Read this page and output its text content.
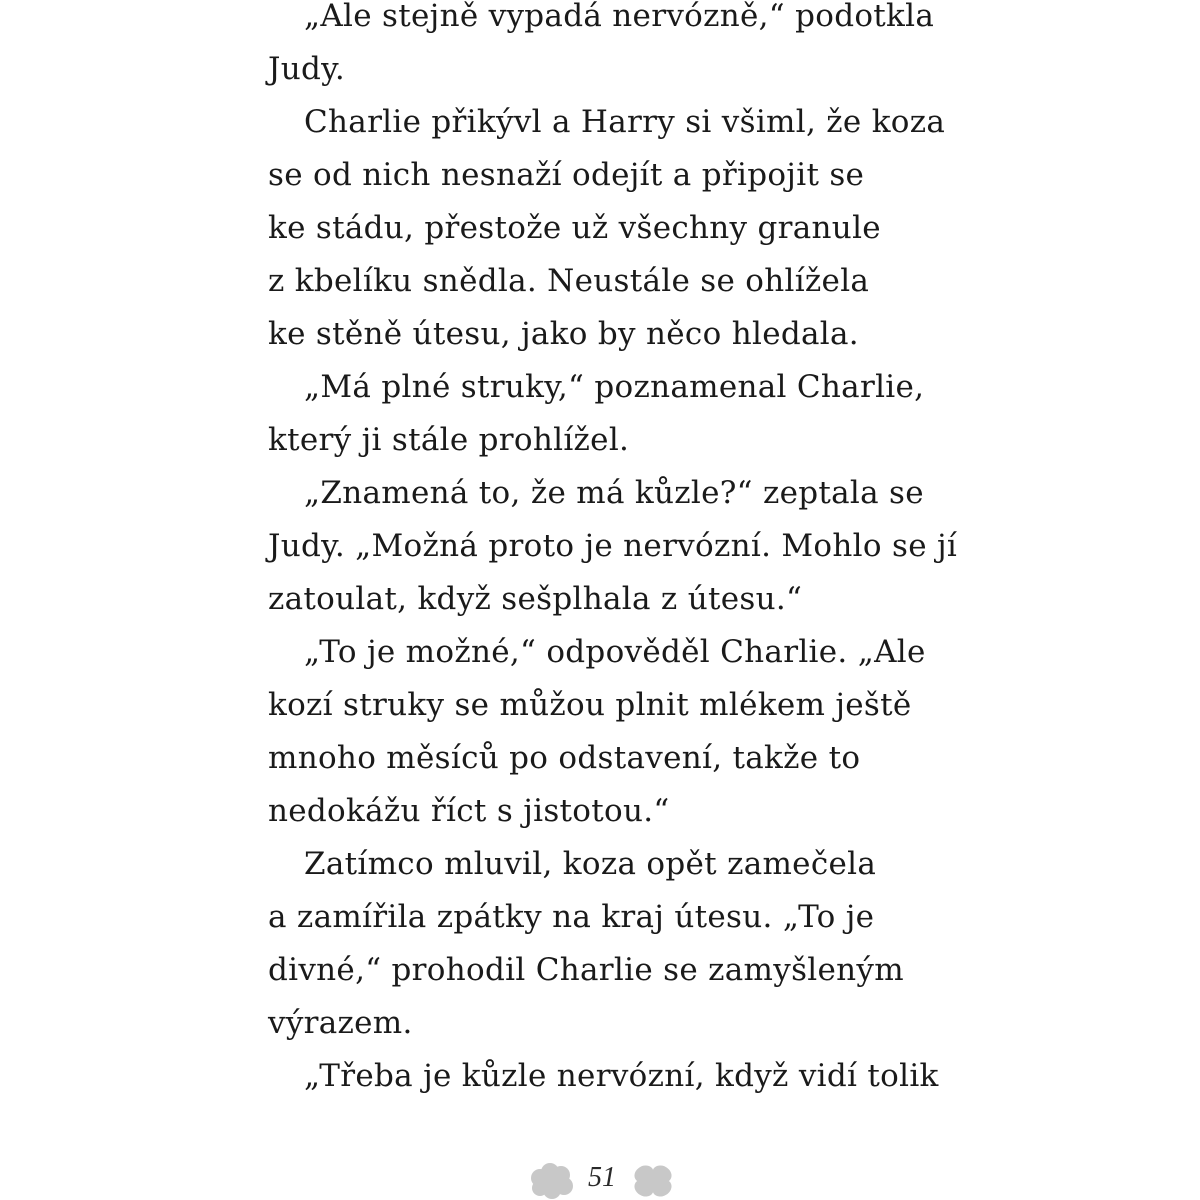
„Ale stejně vypadá nervózně,“ podotkla
Judy.
Charlie přikývl a Harry si všiml, že koza
se od nich nesnaží odejít a připojit se
ke stádu, přestože už všechny granule
z kbelíku snědla. Neustále se ohlížela
ke stěně útesu, jako by něco hledala.
„Má plné struky,“ poznamenal Charlie,
který ji stále prohlížel.
„Znamená to, že má kůzle?“ zeptala se
Judy. „Možná proto je nervózní. Mohlo se jí
zatoulat, když sešplhala z útesu.“
„To je možné,“ odpověděl Charlie. „Ale
kozí struky se můžou plnit mlékem ještě
mnoho měsíců po odstavení, takže to
nedokážu říct s jistotou.“
Zatímco mluvil, koza opět zamečela
a zamířila zpátky na kraj útesu. „To je
divné,“ prohodil Charlie se zamyšleným
výrazem.
„Třeba je kůzle nervózní, když vidí tolik
51
